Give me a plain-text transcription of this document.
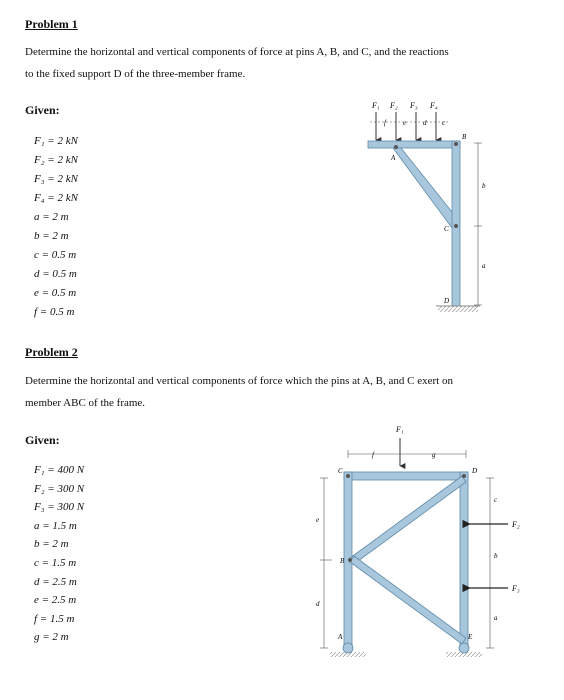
Problem 1
Determine the horizontal and vertical components of force at pins A, B, and C, and the reactions
to the fixed support D of the three-member frame.
Given:
F₁ = 2 kN
F₂ = 2 kN
F₃ = 2 kN
F₄ = 2 kN
a = 2 m
b = 2 m
c = 0.5 m
d = 0.5 m
e = 0.5 m
f = 0.5 m
F₁ F₂ F₃ F₄
f e d c
A
B
C
D
b
a
Problem 2
Determine the horizontal and vertical components of force which the pins at A, B, and C exert on
member ABC of the frame.
Given:
F₁ = 400 N
F₂ = 300 N
F₃ = 300 N
a = 1.5 m
b = 2 m
c = 1.5 m
d = 2.5 m
e = 2.5 m
f = 1.5 m
g = 2 m
F₁
f	g
C	D
B
A	E
e
d
c
b
a
F₂
F₃
